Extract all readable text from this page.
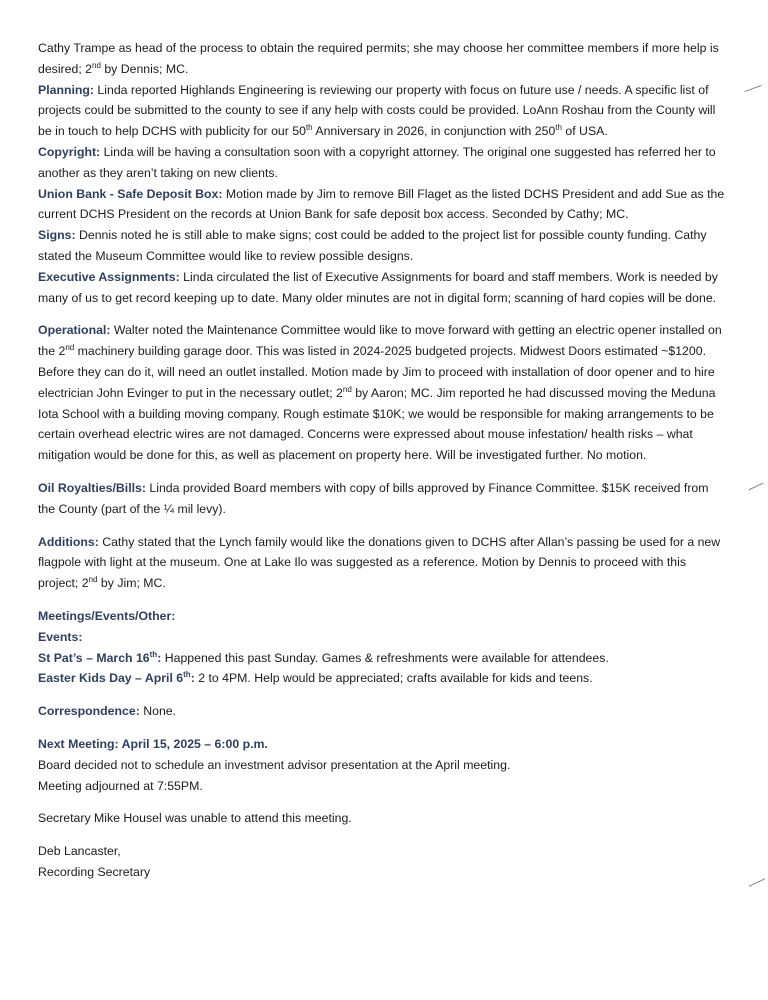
Cathy Trampe as head of the process to obtain the required permits; she may choose her committee members if more help is desired; 2nd by Dennis; MC.

Planning: Linda reported Highlands Engineering is reviewing our property with focus on future use / needs. A specific list of projects could be submitted to the county to see if any help with costs could be provided. LoAnn Roshau from the County will be in touch to help DCHS with publicity for our 50th Anniversary in 2026, in conjunction with 250th of USA.

Copyright: Linda will be having a consultation soon with a copyright attorney. The original one suggested has referred her to another as they aren’t taking on new clients.

Union Bank - Safe Deposit Box: Motion made by Jim to remove Bill Flaget as the listed DCHS President and add Sue as the current DCHS President on the records at Union Bank for safe deposit box access. Seconded by Cathy; MC.

Signs: Dennis noted he is still able to make signs; cost could be added to the project list for possible county funding. Cathy stated the Museum Committee would like to review possible designs.

Executive Assignments: Linda circulated the list of Executive Assignments for board and staff members. Work is needed by many of us to get record keeping up to date. Many older minutes are not in digital form; scanning of hard copies will be done.

Operational: Walter noted the Maintenance Committee would like to move forward with getting an electric opener installed on the 2nd machinery building garage door. This was listed in 2024-2025 budgeted projects. Midwest Doors estimated ~$1200. Before they can do it, will need an outlet installed. Motion made by Jim to proceed with installation of door opener and to hire electrician John Evinger to put in the necessary outlet; 2nd by Aaron; MC. Jim reported he had discussed moving the Meduna Iota School with a building moving company. Rough estimate $10K; we would be responsible for making arrangements to be certain overhead electric wires are not damaged. Concerns were expressed about mouse infestation/ health risks – what mitigation would be done for this, as well as placement on property here. Will be investigated further. No motion.

Oil Royalties/Bills: Linda provided Board members with copy of bills approved by Finance Committee. $15K received from the County (part of the ¼ mil levy).

Additions: Cathy stated that the Lynch family would like the donations given to DCHS after Allan’s passing be used for a new flagpole with light at the museum. One at Lake Ilo was suggested as a reference. Motion by Dennis to proceed with this project; 2nd by Jim; MC.

Meetings/Events/Other:

Events:

St Pat’s – March 16th: Happened this past Sunday. Games & refreshments were available for attendees.

Easter Kids Day – April 6th: 2 to 4PM. Help would be appreciated; crafts available for kids and teens.

Correspondence: None.

Next Meeting: April 15, 2025 – 6:00 p.m.

Board decided not to schedule an investment advisor presentation at the April meeting.

Meeting adjourned at 7:55PM.

Secretary Mike Housel was unable to attend this meeting.

Deb Lancaster,

Recording Secretary
